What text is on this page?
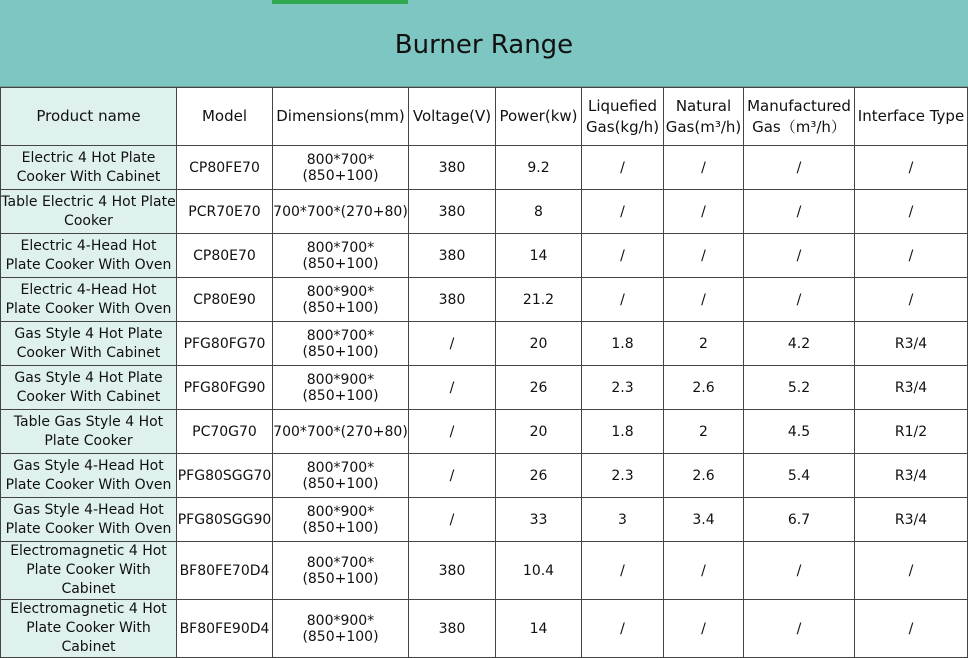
Burner Range
Product name	Model	Dimensions(mm)	Voltage(V)	Power(kw)	Liquefied Gas(kg/h)	Natural Gas(m³/h)	Manufactured Gas（m³/h）	Interface Type
Electric 4 Hot Plate Cooker With Cabinet	CP80FE70	800*700*(850+100)	380	9.2	/	/	/	/
Table Electric 4 Hot Plate Cooker	PCR70E70	700*700*(270+80)	380	8	/	/	/	/
Electric 4-Head Hot Plate Cooker With Oven	CP80E70	800*700*(850+100)	380	14	/	/	/	/
Electric 4-Head Hot Plate Cooker With Oven	CP80E90	800*900*(850+100)	380	21.2	/	/	/	/
Gas Style 4 Hot Plate Cooker With Cabinet	PFG80FG70	800*700*(850+100)	/	20	1.8	2	4.2	R3/4
Gas Style 4 Hot Plate Cooker With Cabinet	PFG80FG90	800*900*(850+100)	/	26	2.3	2.6	5.2	R3/4
Table Gas Style 4 Hot Plate Cooker	PC70G70	700*700*(270+80)	/	20	1.8	2	4.5	R1/2
Gas Style 4-Head Hot Plate Cooker With Oven	PFG80SGG70	800*700*(850+100)	/	26	2.3	2.6	5.4	R3/4
Gas Style 4-Head Hot Plate Cooker With Oven	PFG80SGG90	800*900*(850+100)	/	33	3	3.4	6.7	R3/4
Electromagnetic 4 Hot Plate Cooker With Cabinet	BF80FE70D4	800*700*(850+100)	380	10.4	/	/	/	/
Electromagnetic 4 Hot Plate Cooker With Cabinet	BF80FE90D4	800*900*(850+100)	380	14	/	/	/	/
